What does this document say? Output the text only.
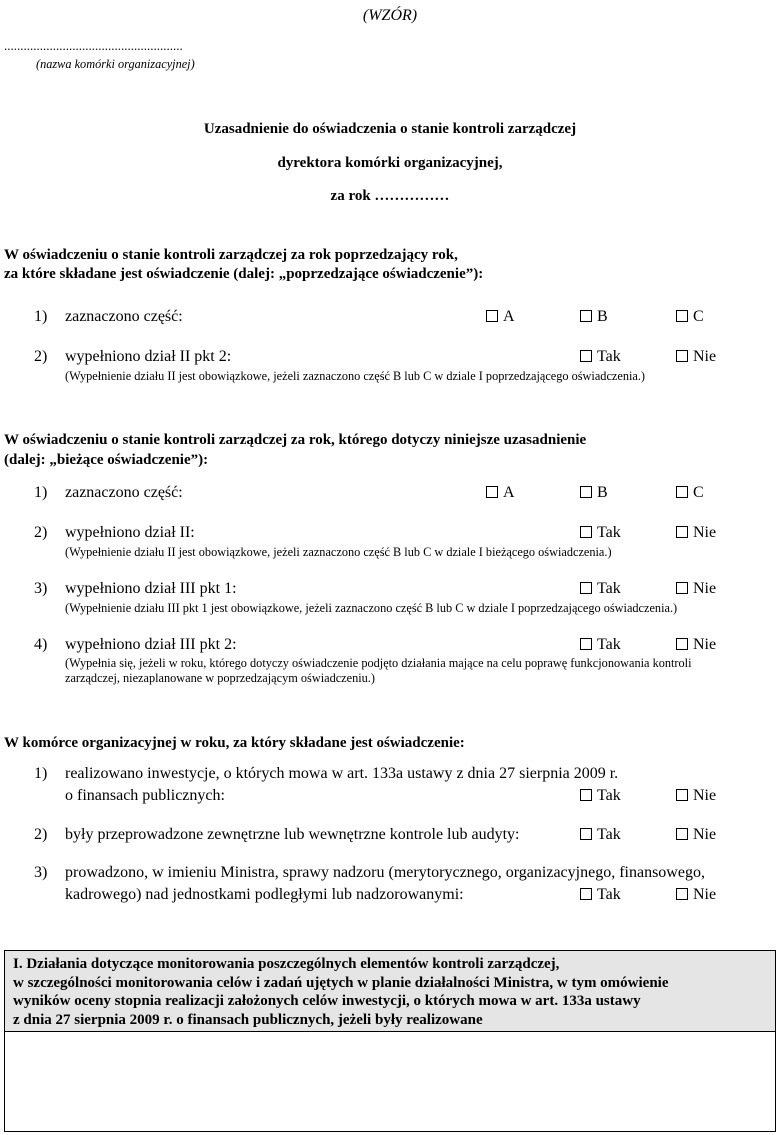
(WZÓR)
.......................................................
(nazwa komórki organizacyjnej)
Uzasadnienie do oświadczenia o stanie kontroli zarządczej
dyrektora komórki organizacyjnej,
za rok ……………
W oświadczeniu o stanie kontroli zarządczej za rok poprzedzający rok,
za które składane jest oświadczenie (dalej: „poprzedzające oświadczenie”):
1) zaznaczono część:	A	B	C
2) wypełniono dział II pkt 2:	Tak	Nie
(Wypełnienie działu II jest obowiązkowe, jeżeli zaznaczono część B lub C w dziale I poprzedzającego oświadczenia.)
W oświadczeniu o stanie kontroli zarządczej za rok, którego dotyczy niniejsze uzasadnienie
(dalej: „bieżące oświadczenie”):
1) zaznaczono część:	A	B	C
2) wypełniono dział II:	Tak	Nie
(Wypełnienie działu II jest obowiązkowe, jeżeli zaznaczono część B lub C w dziale I bieżącego oświadczenia.)
3) wypełniono dział III pkt 1:	Tak	Nie
(Wypełnienie działu III pkt 1 jest obowiązkowe, jeżeli zaznaczono część B lub C w dziale I poprzedzającego oświadczenia.)
4) wypełniono dział III pkt 2:	Tak	Nie
(Wypełnia się, jeżeli w roku, którego dotyczy oświadczenie podjęto działania mające na celu poprawę funkcjonowania kontroli
zarządczej, niezaplanowane w poprzedzającym oświadczeniu.)
W komórce organizacyjnej w roku, za który składane jest oświadczenie:
1) realizowano inwestycje, o których mowa w art. 133a ustawy z dnia 27 sierpnia 2009 r.
o finansach publicznych:	Tak	Nie
2) były przeprowadzone zewnętrzne lub wewnętrzne kontrole lub audyty:	Tak	Nie
3) prowadzono, w imieniu Ministra, sprawy nadzoru (merytorycznego, organizacyjnego, finansowego,
kadrowego) nad jednostkami podległymi lub nadzorowanymi:	Tak	Nie
I. Działania dotyczące monitorowania poszczególnych elementów kontroli zarządczej,
w szczególności monitorowania celów i zadań ujętych w planie działalności Ministra, w tym omówienie
wyników oceny stopnia realizacji założonych celów inwestycji, o których mowa w art. 133a ustawy
z dnia 27 sierpnia 2009 r. o finansach publicznych, jeżeli były realizowane
